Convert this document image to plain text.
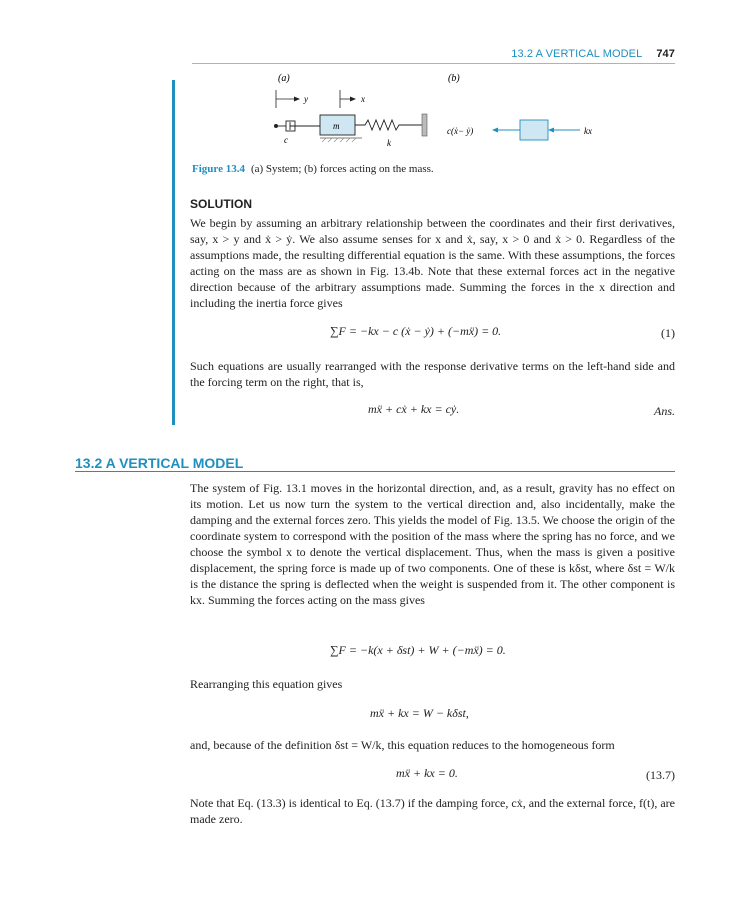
13.2 A VERTICAL MODEL 747
(a)	(b)
y	x
c
m
k
c(ẋ− ẏ)	kx
Figure 13.4 (a) System; (b) forces acting on the mass.
SOLUTION
We begin by assuming an arbitrary relationship between the coordinates and their first derivatives, say, x > y and ẋ > ẏ. We also assume senses for x and ẋ, say, x > 0 and ẋ > 0. Regardless of the assumptions made, the resulting differential equation is the same. With these assumptions, the forces acting on the mass are as shown in Fig. 13.4b. Note that these external forces act in the negative direction because of the arbitrary assumptions made. Summing the forces in the x direction and including the inertia force gives
∑F = −kx − c (ẋ − ẏ) + (−mẍ) = 0.	(1)
Such equations are usually rearranged with the response derivative terms on the left-hand side and the forcing term on the right, that is,
mẍ + cẋ + kx = cẏ.	Ans.
13.2 A VERTICAL MODEL
The system of Fig. 13.1 moves in the horizontal direction, and, as a result, gravity has no effect on its motion. Let us now turn the system to the vertical direction and, also incidentally, make the damping and the external forces zero. This yields the model of Fig. 13.5. We choose the origin of the coordinate system to correspond with the position of the mass where the spring has no force, and we choose the symbol x to denote the vertical displacement. Thus, when the mass is given a positive displacement, the spring force is made up of two components. One of these is kδst, where δst = W/k is the distance the spring is deflected when the weight is suspended from it. The other component is kx. Summing the forces acting on the mass gives
∑F = −k(x + δst) + W + (−mẍ) = 0.
Rearranging this equation gives
mẍ + kx = W − kδst,
and, because of the definition δst = W/k, this equation reduces to the homogeneous form
mẍ + kx = 0.	(13.7)
Note that Eq. (13.3) is identical to Eq. (13.7) if the damping force, cẋ, and the external force, f(t), are made zero.
